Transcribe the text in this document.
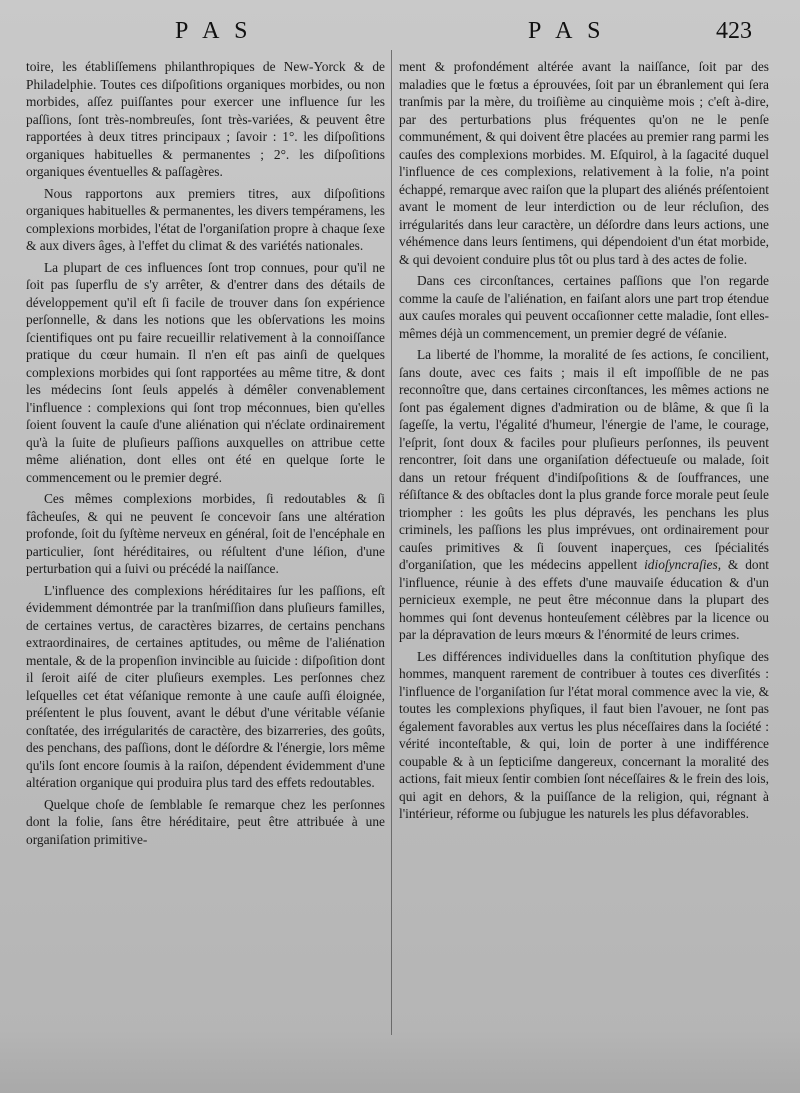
P A S	P A S	423

toire, les établiſſemens philanthropiques de New-Yorck & de Philadelphie. Toutes ces diſpoſitions organiques morbides, ou non morbides, aſſez puiſſantes pour exercer une influence ſur les paſſions, ſont très-nombreuſes, ſont très-variées, & peuvent être rapportées à deux titres principaux ; ſavoir : 1°. les diſpoſitions organiques habituelles & permanentes ; 2°. les diſpoſitions organiques éventuelles & paſſagères.

Nous rapportons aux premiers titres, aux diſpoſitions organiques habituelles & permanentes, les divers tempéramens, les complexions morbides, l'état de l'organiſation propre à chaque ſexe & aux divers âges, à l'effet du climat & des variétés nationales.

La plupart de ces influences ſont trop connues, pour qu'il ne ſoit pas ſuperflu de s'y arrêter, & d'entrer dans des détails de développement qu'il eſt ſi facile de trouver dans ſon expérience perſonnelle, & dans les notions que les obſervations les moins ſcientifiques ont pu faire recueillir relativement à la connoiſſance pratique du cœur humain. Il n'en eſt pas ainſi de quelques complexions morbides qui ſont rapportées au même titre, & dont les médecins ſont ſeuls appelés à démêler convenablement l'influence : complexions qui ſont trop méconnues, bien qu'elles ſoient ſouvent la cauſe d'une aliénation qui n'éclate ordinairement qu'à la ſuite de pluſieurs paſſions auxquelles on attribue cette même aliénation, dont elles ont été en quelque ſorte le commencement ou le premier degré.

Ces mêmes complexions morbides, ſi redoutables & ſi fâcheuſes, & qui ne peuvent ſe concevoir ſans une altération profonde, ſoit du ſyſtème nerveux en général, ſoit de l'encéphale en particulier, ſont héréditaires, ou réſultent d'une léſion, d'une perturbation qui a ſuivi ou précédé la naiſſance.

L'influence des complexions héréditaires ſur les paſſions, eſt évidemment démontrée par la tranſmiſſion dans pluſieurs familles, de certaines vertus, de caractères bizarres, de certains penchans extraordinaires, de certaines aptitudes, ou même de l'aliénation mentale, & de la propenſion invincible au ſuicide : diſpoſition dont il ſeroit aiſé de citer pluſieurs exemples. Les perſonnes chez leſquelles cet état véſanique remonte à une cauſe auſſi éloignée, préſentent le plus ſouvent, avant le début d'une véritable véſanie conſtatée, des irrégularités de caractère, des bizarreries, des goûts, des penchans, des paſſions, dont le déſordre & l'énergie, lors même qu'ils ſont encore ſoumis à la raiſon, dépendent évidemment d'une altération organique qui produira plus tard des effets redoutables.

Quelque choſe de ſemblable ſe remarque chez les perſonnes dont la folie, ſans être héréditaire, peut être attribuée à une organiſation primitive-

ment & profondément altérée avant la naiſſance, ſoit par des maladies que le fœtus a éprouvées, ſoit par un ébranlement qui ſera tranſmis par la mère, du troiſième au cinquième mois ; c'eſt à-dire, par des perturbations plus fréquentes qu'on ne le penſe communément, & qui doivent être placées au premier rang parmi les cauſes des complexions morbides. M. Eſquirol, à la ſagacité duquel l'influence de ces complexions, relativement à la folie, n'a point échappé, remarque avec raiſon que la plupart des aliénés préſentoient avant le moment de leur interdiction ou de leur récluſion, des irrégularités dans leur caractère, un déſordre dans leurs actions, une véhémence dans leurs ſentimens, qui dépendoient d'un état morbide, & qui devoient conduire plus tôt ou plus tard à des actes de folie.

Dans ces circonſtances, certaines paſſions que l'on regarde comme la cauſe de l'aliénation, en faiſant alors une part trop étendue aux cauſes morales qui peuvent occaſionner cette maladie, ſont elles-mêmes déjà un commencement, un premier degré de véſanie.

La liberté de l'homme, la moralité de ſes actions, ſe concilient, ſans doute, avec ces faits ; mais il eſt impoſſible de ne pas reconnoître que, dans certaines circonſtances, les mêmes actions ne ſont pas également dignes d'admiration ou de blâme, & que ſi la ſageſſe, la vertu, l'égalité d'humeur, l'énergie de l'ame, le courage, l'eſprit, ſont doux & faciles pour pluſieurs perſonnes, ils peuvent rencontrer, ſoit dans une organiſation défectueuſe ou malade, ſoit dans un retour fréquent d'indiſpoſitions & de ſouffrances, une réſiſtance & des obſtacles dont la plus grande force morale peut ſeule triompher : les goûts les plus dépravés, les penchans les plus criminels, les paſſions les plus imprévues, ont ordinairement pour cauſes primitives & ſi ſouvent inaperçues, ces ſpécialités d'organiſation, que les médecins appellent idioſyncraſies, & dont l'influence, réunie à des effets d'une mauvaiſe éducation & d'un pernicieux exemple, ne peut être méconnue dans la plupart des hommes qui ſont devenus honteuſement célèbres par la licence ou par la dépravation de leurs mœurs & l'énormité de leurs crimes.

Les différences individuelles dans la conſtitution phyſique des hommes, manquent rarement de contribuer à toutes ces diverſités : l'influence de l'organiſation ſur l'état moral commence avec la vie, & toutes les complexions phyſiques, il faut bien l'avouer, ne ſont pas également favorables aux vertus les plus néceſſaires dans la ſociété : vérité inconteſtable, & qui, loin de porter à une indifférence coupable & à un ſepticiſme dangereux, concernant la moralité des actions, fait mieux ſentir combien ſont néceſſaires & le frein des lois, qui agit en dehors, & la puiſſance de la religion, qui, régnant à l'intérieur, réforme ou ſubjugue les naturels les plus défavorables.
